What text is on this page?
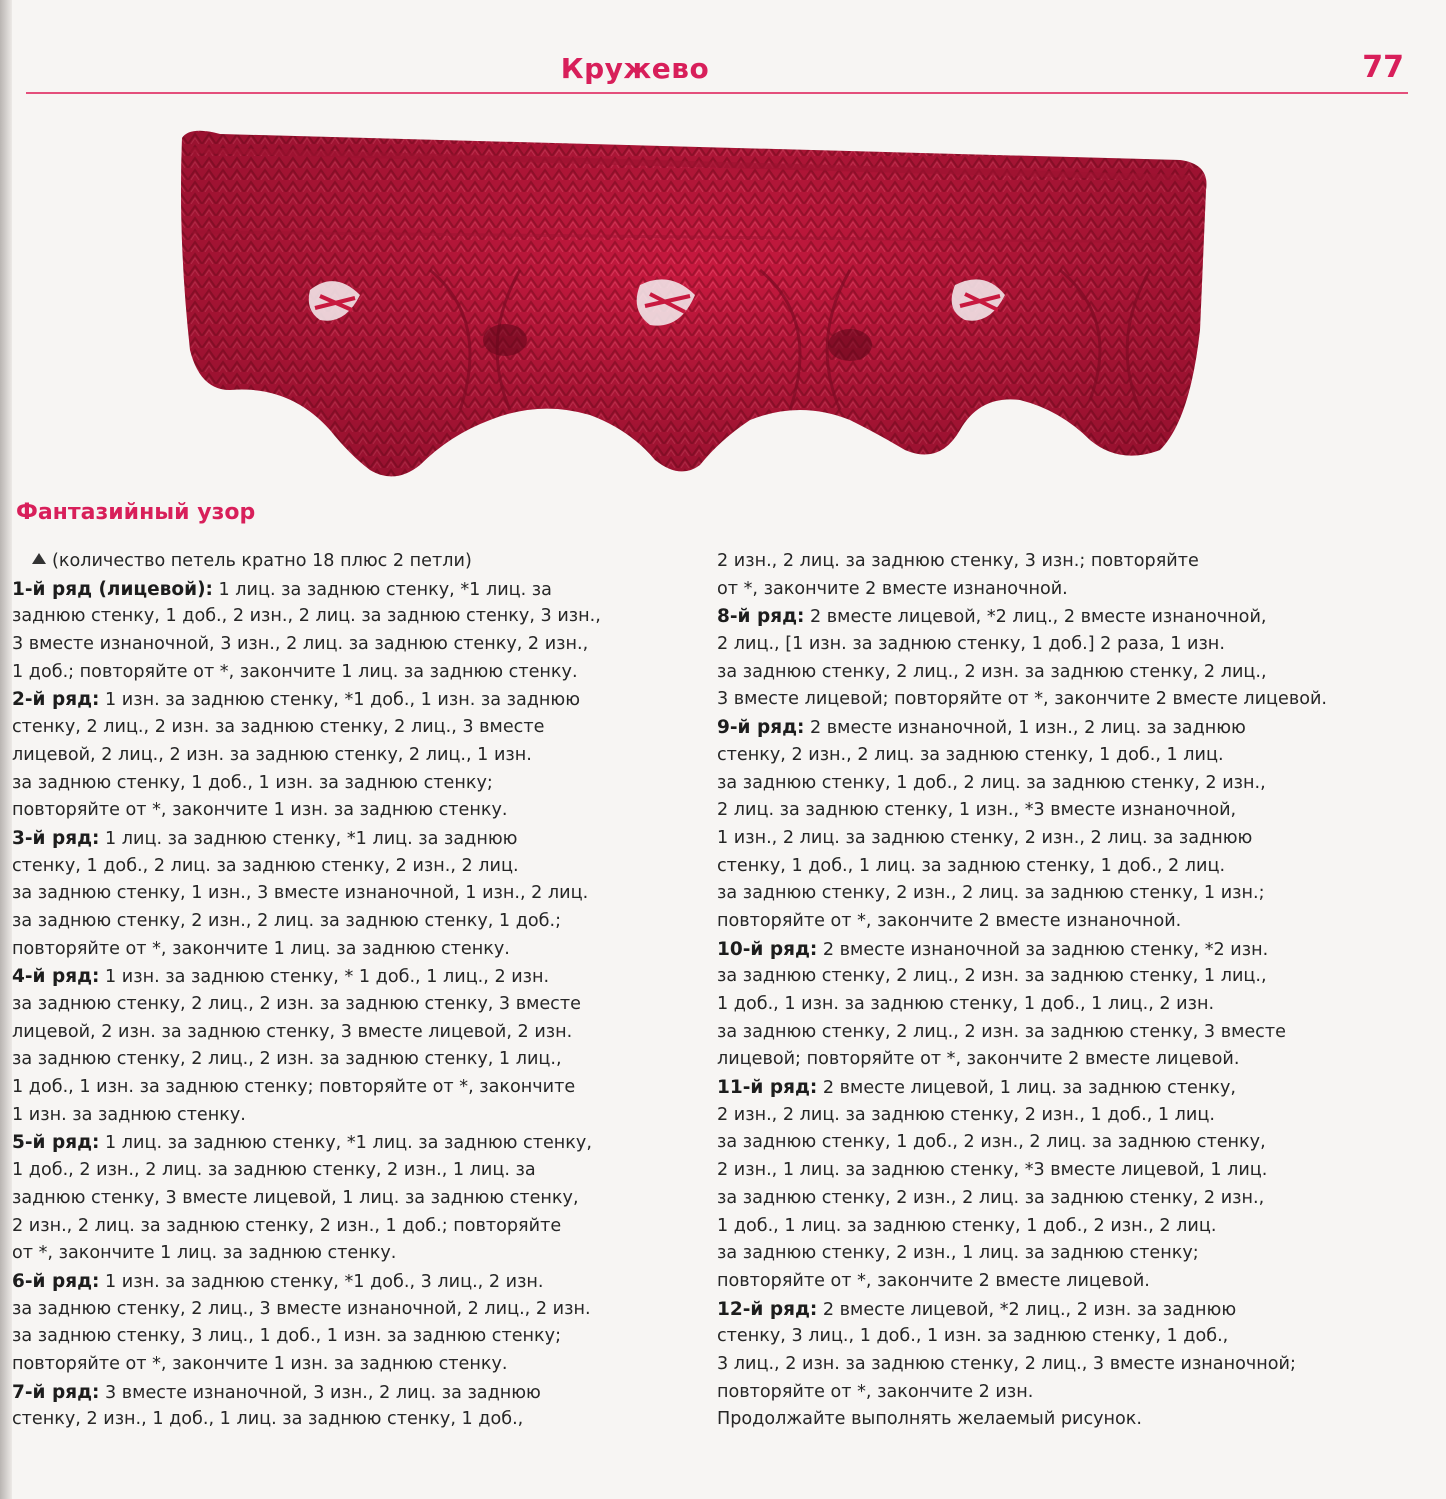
Кружево	77
Фантазийный узор
(количество петель кратно 18 плюс 2 петли)
1-й ряд (лицевой): 1 лиц. за заднюю стенку, *1 лиц. за
заднюю стенку, 1 доб., 2 изн., 2 лиц. за заднюю стенку, 3 изн.,
3 вместе изнаночной, 3 изн., 2 лиц. за заднюю стенку, 2 изн.,
1 доб.; повторяйте от *, закончите 1 лиц. за заднюю стенку.
2-й ряд: 1 изн. за заднюю стенку, *1 доб., 1 изн. за заднюю
стенку, 2 лиц., 2 изн. за заднюю стенку, 2 лиц., 3 вместе
лицевой, 2 лиц., 2 изн. за заднюю стенку, 2 лиц., 1 изн.
за заднюю стенку, 1 доб., 1 изн. за заднюю стенку;
повторяйте от *, закончите 1 изн. за заднюю стенку.
3-й ряд: 1 лиц. за заднюю стенку, *1 лиц. за заднюю
стенку, 1 доб., 2 лиц. за заднюю стенку, 2 изн., 2 лиц.
за заднюю стенку, 1 изн., 3 вместе изнаночной, 1 изн., 2 лиц.
за заднюю стенку, 2 изн., 2 лиц. за заднюю стенку, 1 доб.;
повторяйте от *, закончите 1 лиц. за заднюю стенку.
4-й ряд: 1 изн. за заднюю стенку, * 1 доб., 1 лиц., 2 изн.
за заднюю стенку, 2 лиц., 2 изн. за заднюю стенку, 3 вместе
лицевой, 2 изн. за заднюю стенку, 3 вместе лицевой, 2 изн.
за заднюю стенку, 2 лиц., 2 изн. за заднюю стенку, 1 лиц.,
1 доб., 1 изн. за заднюю стенку; повторяйте от *, закончите
1 изн. за заднюю стенку.
5-й ряд: 1 лиц. за заднюю стенку, *1 лиц. за заднюю стенку,
1 доб., 2 изн., 2 лиц. за заднюю стенку, 2 изн., 1 лиц. за
заднюю стенку, 3 вместе лицевой, 1 лиц. за заднюю стенку,
2 изн., 2 лиц. за заднюю стенку, 2 изн., 1 доб.; повторяйте
от *, закончите 1 лиц. за заднюю стенку.
6-й ряд: 1 изн. за заднюю стенку, *1 доб., 3 лиц., 2 изн.
за заднюю стенку, 2 лиц., 3 вместе изнаночной, 2 лиц., 2 изн.
за заднюю стенку, 3 лиц., 1 доб., 1 изн. за заднюю стенку;
повторяйте от *, закончите 1 изн. за заднюю стенку.
7-й ряд: 3 вместе изнаночной, 3 изн., 2 лиц. за заднюю
стенку, 2 изн., 1 доб., 1 лиц. за заднюю стенку, 1 доб.,
2 изн., 2 лиц. за заднюю стенку, 3 изн.; повторяйте
от *, закончите 2 вместе изнаночной.
8-й ряд: 2 вместе лицевой, *2 лиц., 2 вместе изнаночной,
2 лиц., [1 изн. за заднюю стенку, 1 доб.] 2 раза, 1 изн.
за заднюю стенку, 2 лиц., 2 изн. за заднюю стенку, 2 лиц.,
3 вместе лицевой; повторяйте от *, закончите 2 вместе лицевой.
9-й ряд: 2 вместе изнаночной, 1 изн., 2 лиц. за заднюю
стенку, 2 изн., 2 лиц. за заднюю стенку, 1 доб., 1 лиц.
за заднюю стенку, 1 доб., 2 лиц. за заднюю стенку, 2 изн.,
2 лиц. за заднюю стенку, 1 изн., *3 вместе изнаночной,
1 изн., 2 лиц. за заднюю стенку, 2 изн., 2 лиц. за заднюю
стенку, 1 доб., 1 лиц. за заднюю стенку, 1 доб., 2 лиц.
за заднюю стенку, 2 изн., 2 лиц. за заднюю стенку, 1 изн.;
повторяйте от *, закончите 2 вместе изнаночной.
10-й ряд: 2 вместе изнаночной за заднюю стенку, *2 изн.
за заднюю стенку, 2 лиц., 2 изн. за заднюю стенку, 1 лиц.,
1 доб., 1 изн. за заднюю стенку, 1 доб., 1 лиц., 2 изн.
за заднюю стенку, 2 лиц., 2 изн. за заднюю стенку, 3 вместе
лицевой; повторяйте от *, закончите 2 вместе лицевой.
11-й ряд: 2 вместе лицевой, 1 лиц. за заднюю стенку,
2 изн., 2 лиц. за заднюю стенку, 2 изн., 1 доб., 1 лиц.
за заднюю стенку, 1 доб., 2 изн., 2 лиц. за заднюю стенку,
2 изн., 1 лиц. за заднюю стенку, *3 вместе лицевой, 1 лиц.
за заднюю стенку, 2 изн., 2 лиц. за заднюю стенку, 2 изн.,
1 доб., 1 лиц. за заднюю стенку, 1 доб., 2 изн., 2 лиц.
за заднюю стенку, 2 изн., 1 лиц. за заднюю стенку;
повторяйте от *, закончите 2 вместе лицевой.
12-й ряд: 2 вместе лицевой, *2 лиц., 2 изн. за заднюю
стенку, 3 лиц., 1 доб., 1 изн. за заднюю стенку, 1 доб.,
3 лиц., 2 изн. за заднюю стенку, 2 лиц., 3 вместе изнаночной;
повторяйте от *, закончите 2 изн.
Продолжайте выполнять желаемый рисунок.
